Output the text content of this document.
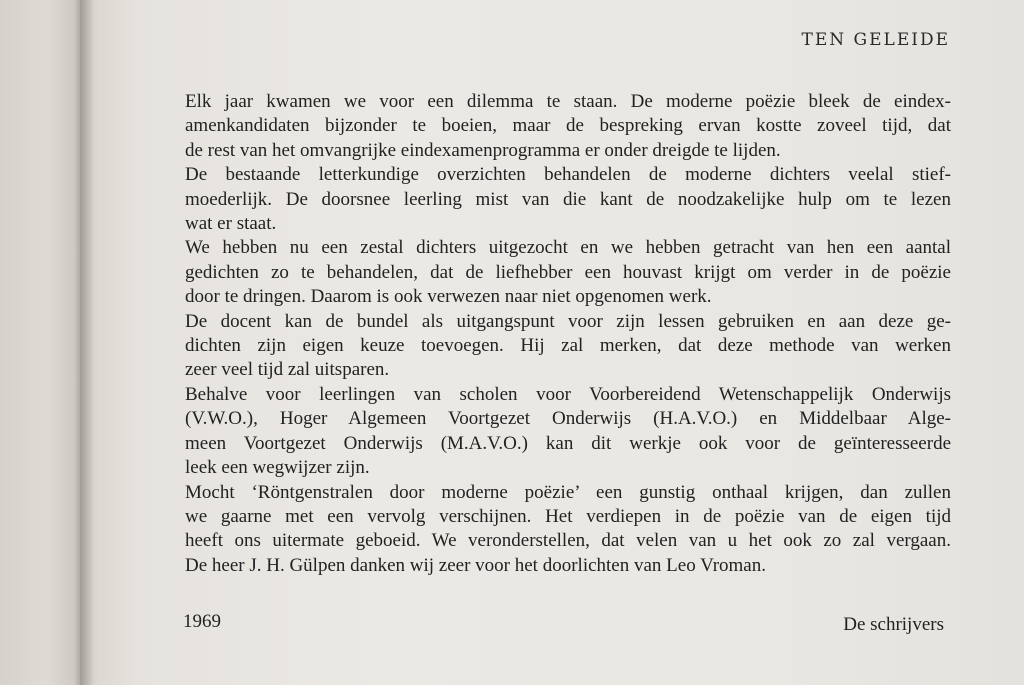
TEN GELEIDE
Elk jaar kwamen we voor een dilemma te staan. De moderne poëzie bleek de eindex-
amenkandidaten bijzonder te boeien, maar de bespreking ervan kostte zoveel tijd, dat
de rest van het omvangrijke eindexamenprogramma er onder dreigde te lijden.
De bestaande letterkundige overzichten behandelen de moderne dichters veelal stief-
moederlijk. De doorsnee leerling mist van die kant de noodzakelijke hulp om te lezen
wat er staat.
We hebben nu een zestal dichters uitgezocht en we hebben getracht van hen een aantal
gedichten zo te behandelen, dat de liefhebber een houvast krijgt om verder in de poëzie
door te dringen. Daarom is ook verwezen naar niet opgenomen werk.
De docent kan de bundel als uitgangspunt voor zijn lessen gebruiken en aan deze ge-
dichten zijn eigen keuze toevoegen. Hij zal merken, dat deze methode van werken
zeer veel tijd zal uitsparen.
Behalve voor leerlingen van scholen voor Voorbereidend Wetenschappelijk Onderwijs
(V.W.O.), Hoger Algemeen Voortgezet Onderwijs (H.A.V.O.) en Middelbaar Alge-
meen Voortgezet Onderwijs (M.A.V.O.) kan dit werkje ook voor de geïnteresseerde
leek een wegwijzer zijn.
Mocht ‘Röntgenstralen door moderne poëzie’ een gunstig onthaal krijgen, dan zullen
we gaarne met een vervolg verschijnen. Het verdiepen in de poëzie van de eigen tijd
heeft ons uitermate geboeid. We veronderstellen, dat velen van u het ook zo zal vergaan.
De heer J. H. Gülpen danken wij zeer voor het doorlichten van Leo Vroman.
1969	De schrijvers
